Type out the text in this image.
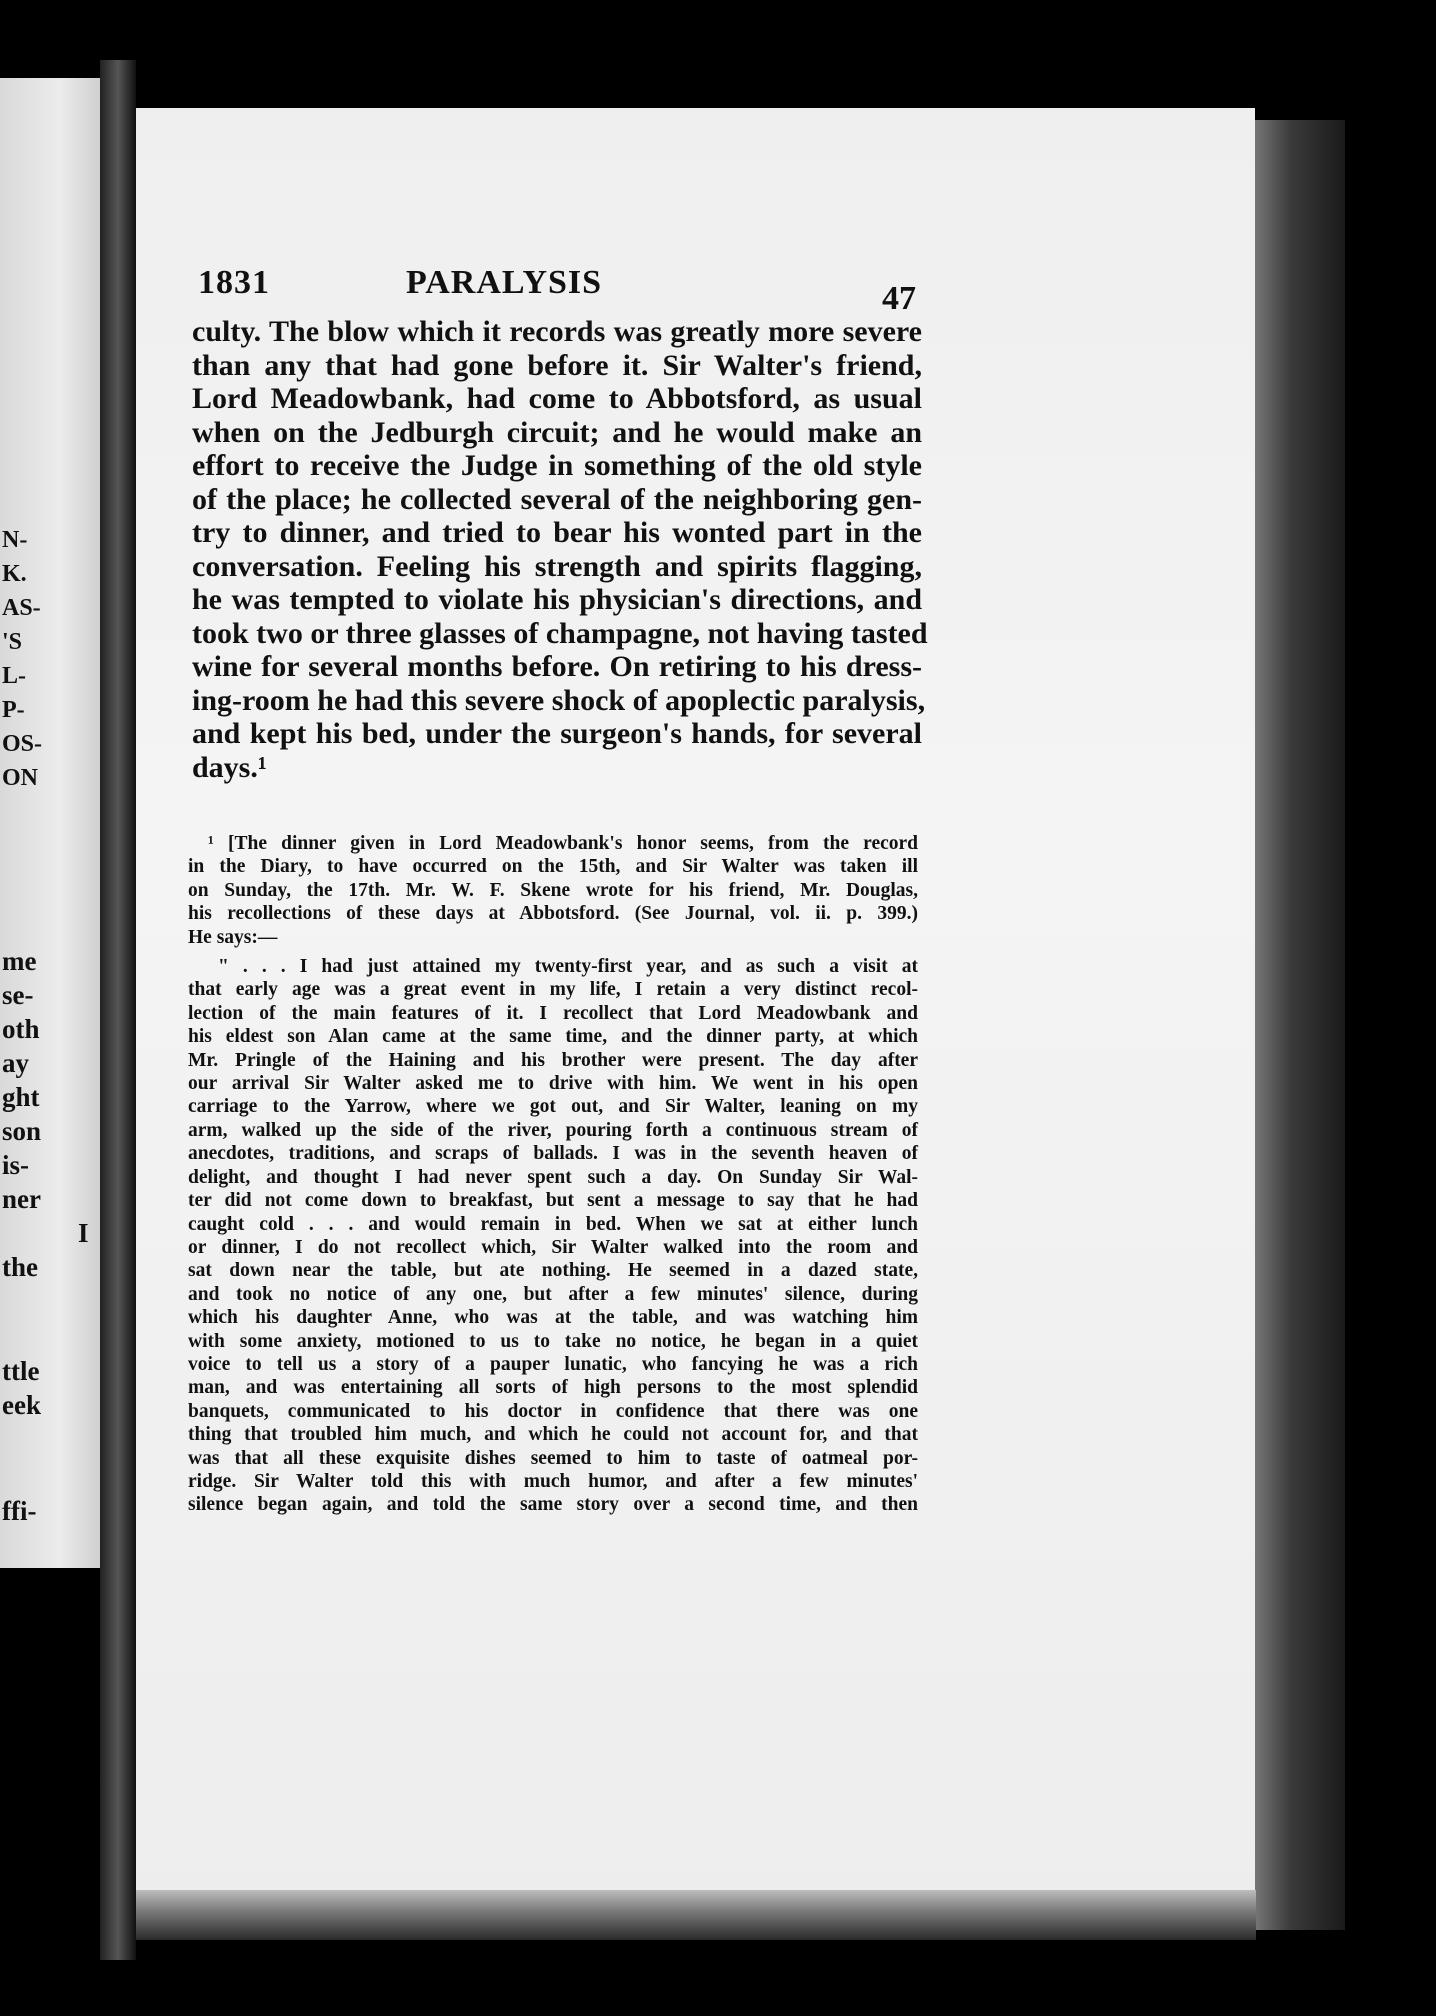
N-
K.
AS-
'S
L-
P-
OS-
ON
me
se-
oth
ay
ght
son
is-
ner
I
the
ttle
eek
ffi-
1831	PARALYSIS	47
culty. The blow which it records was greatly more severe
than any that had gone before it. Sir Walter's friend,
Lord Meadowbank, had come to Abbotsford, as usual
when on the Jedburgh circuit; and he would make an
effort to receive the Judge in something of the old style
of the place; he collected several of the neighboring gen-
try to dinner, and tried to bear his wonted part in the
conversation. Feeling his strength and spirits flagging,
he was tempted to violate his physician's directions, and
took two or three glasses of champagne, not having tasted
wine for several months before. On retiring to his dress-
ing-room he had this severe shock of apoplectic paralysis,
and kept his bed, under the surgeon's hands, for several
days.¹
¹ [The dinner given in Lord Meadowbank's honor seems, from the record
in the Diary, to have occurred on the 15th, and Sir Walter was taken ill
on Sunday, the 17th. Mr. W. F. Skene wrote for his friend, Mr. Douglas,
his recollections of these days at Abbotsford. (See Journal, vol. ii. p. 399.)
He says:—
" . . . I had just attained my twenty-first year, and as such a visit at
that early age was a great event in my life, I retain a very distinct recol-
lection of the main features of it. I recollect that Lord Meadowbank and
his eldest son Alan came at the same time, and the dinner party, at which
Mr. Pringle of the Haining and his brother were present. The day after
our arrival Sir Walter asked me to drive with him. We went in his open
carriage to the Yarrow, where we got out, and Sir Walter, leaning on my
arm, walked up the side of the river, pouring forth a continuous stream of
anecdotes, traditions, and scraps of ballads. I was in the seventh heaven of
delight, and thought I had never spent such a day. On Sunday Sir Wal-
ter did not come down to breakfast, but sent a message to say that he had
caught cold . . . and would remain in bed. When we sat at either lunch
or dinner, I do not recollect which, Sir Walter walked into the room and
sat down near the table, but ate nothing. He seemed in a dazed state,
and took no notice of any one, but after a few minutes' silence, during
which his daughter Anne, who was at the table, and was watching him
with some anxiety, motioned to us to take no notice, he began in a quiet
voice to tell us a story of a pauper lunatic, who fancying he was a rich
man, and was entertaining all sorts of high persons to the most splendid
banquets, communicated to his doctor in confidence that there was one
thing that troubled him much, and which he could not account for, and that
was that all these exquisite dishes seemed to him to taste of oatmeal por-
ridge. Sir Walter told this with much humor, and after a few minutes'
silence began again, and told the same story over a second time, and then
